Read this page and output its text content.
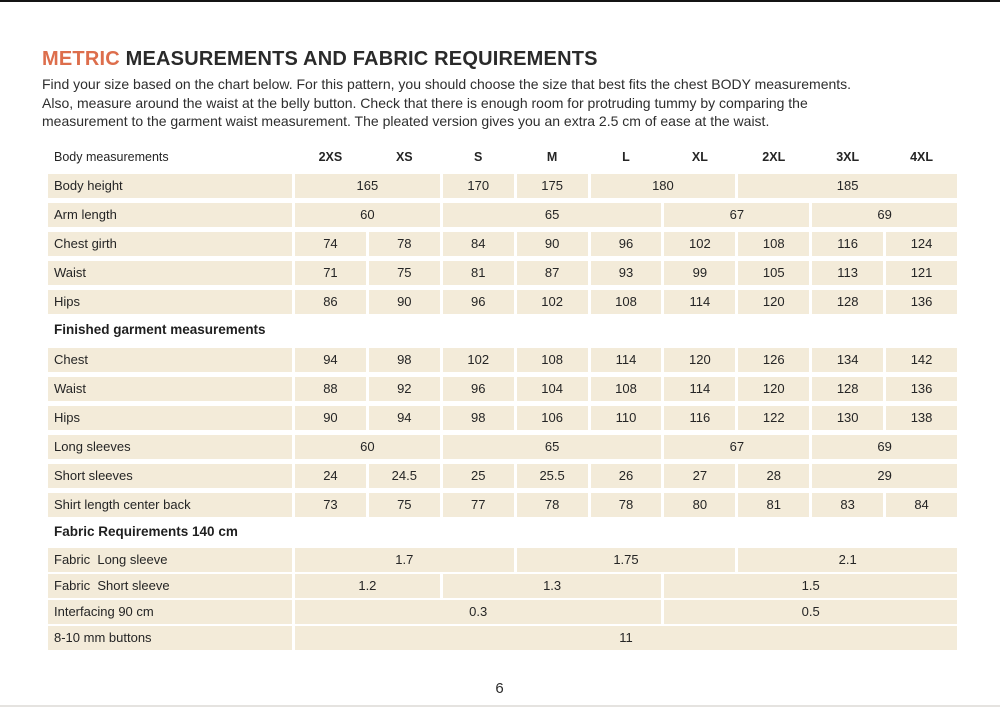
METRIC MEASUREMENTS AND FABRIC REQUIREMENTS
Find your size based on the chart below. For this pattern, you should choose the size that best fits the chest BODY measurements.
Also, measure around the waist at the belly button. Check that there is enough room for protruding tummy by comparing the
measurement to the garment waist measurement. The pleated version gives you an extra 2.5 cm of ease at the waist.
Body measurements	2XS	XS	S	M	L	XL	2XL	3XL	4XL
Body height	165	170	175	180	185
Arm length	60	65	67	69
Chest girth	74	78	84	90	96	102	108	116	124
Waist	71	75	81	87	93	99	105	113	121
Hips	86	90	96	102	108	114	120	128	136
Finished garment measurements
Chest	94	98	102	108	114	120	126	134	142
Waist	88	92	96	104	108	114	120	128	136
Hips	90	94	98	106	110	116	122	130	138
Long sleeves	60	65	67	69
Short sleeves	24	24.5	25	25.5	26	27	28	29
Shirt length center back	73	75	77	78	78	80	81	83	84
Fabric Requirements 140 cm
Fabric  Long sleeve	1.7	1.75	2.1
Fabric  Short sleeve	1.2	1.3	1.5
Interfacing 90 cm	0.3	0.5
8-10 mm buttons	11
6
